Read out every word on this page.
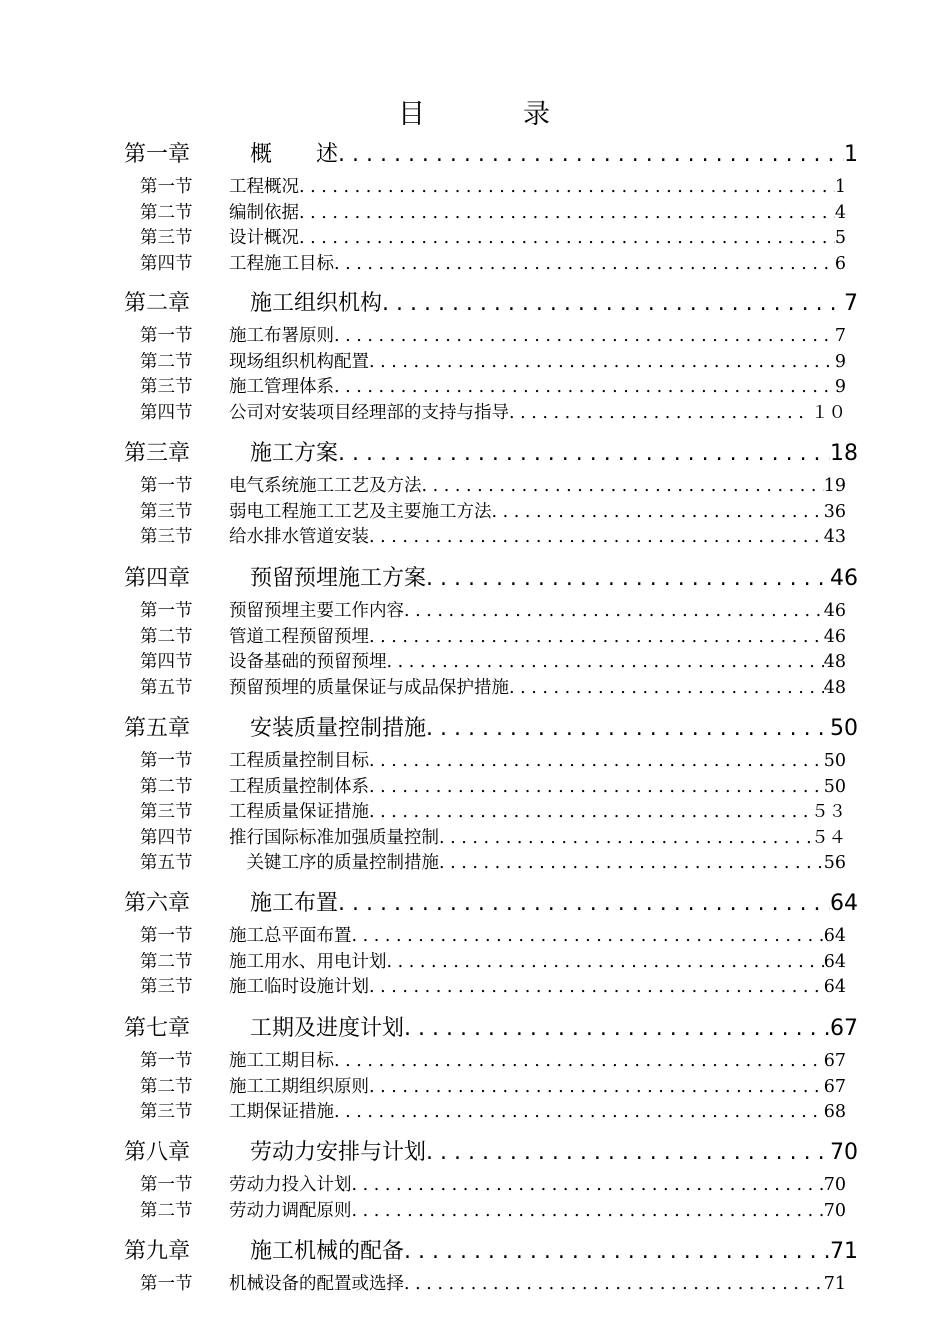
目	录
第一章	概　　述 . . .	1
第一节	工程概况 . . .	1
第二节	编制依据 . . .	4
第三节	设计概况 . . .	5
第四节	工程施工目标 . . .	6
第二章	施工组织机构 . . .	7
第一节	施工布署原则 . . .	7
第二节	现场组织机构配置 . . .	9
第三节	施工管理体系 . . .	9
第四节	公司对安装项目经理部的支持与指导 . . .	１０
第三章	施工方案 . . .	18
第一节	电气系统施工工艺及方法 . . .	19
第三节	弱电工程施工工艺及主要施工方法 . . .	36
第三节	给水排水管道安装 . . .	43
第四章	预留预埋施工方案 . . .	46
第一节	预留预埋主要工作内容 . . .	46
第二节	管道工程预留预埋 . . .	46
第四节	设备基础的预留预埋 . . .	48
第五节	预留预埋的质量保证与成品保护措施 . . .	48
第五章	安装质量控制措施 . . .	50
第一节	工程质量控制目标 . . .	50
第二节	工程质量控制体系 . . .	50
第三节	工程质量保证措施 . . .	５３
第四节	推行国际标准加强质量控制 . . .	５４
第五节	　关键工序的质量控制措施 . . .	56
第六章	施工布置 . . .	64
第一节	施工总平面布置 . . .	64
第二节	施工用水、用电计划 . . .	64
第三节	施工临时设施计划 . . .	64
第七章	工期及进度计划 . . .	67
第一节	施工工期目标 . . .	67
第二节	施工工期组织原则 . . .	67
第三节	工期保证措施 . . .	68
第八章	劳动力安排与计划 . . .	70
第一节	劳动力投入计划 . . .	70
第二节	劳动力调配原则 . . .	70
第九章	施工机械的配备 . . .	71
第一节	机械设备的配置或选择 . . .	71
